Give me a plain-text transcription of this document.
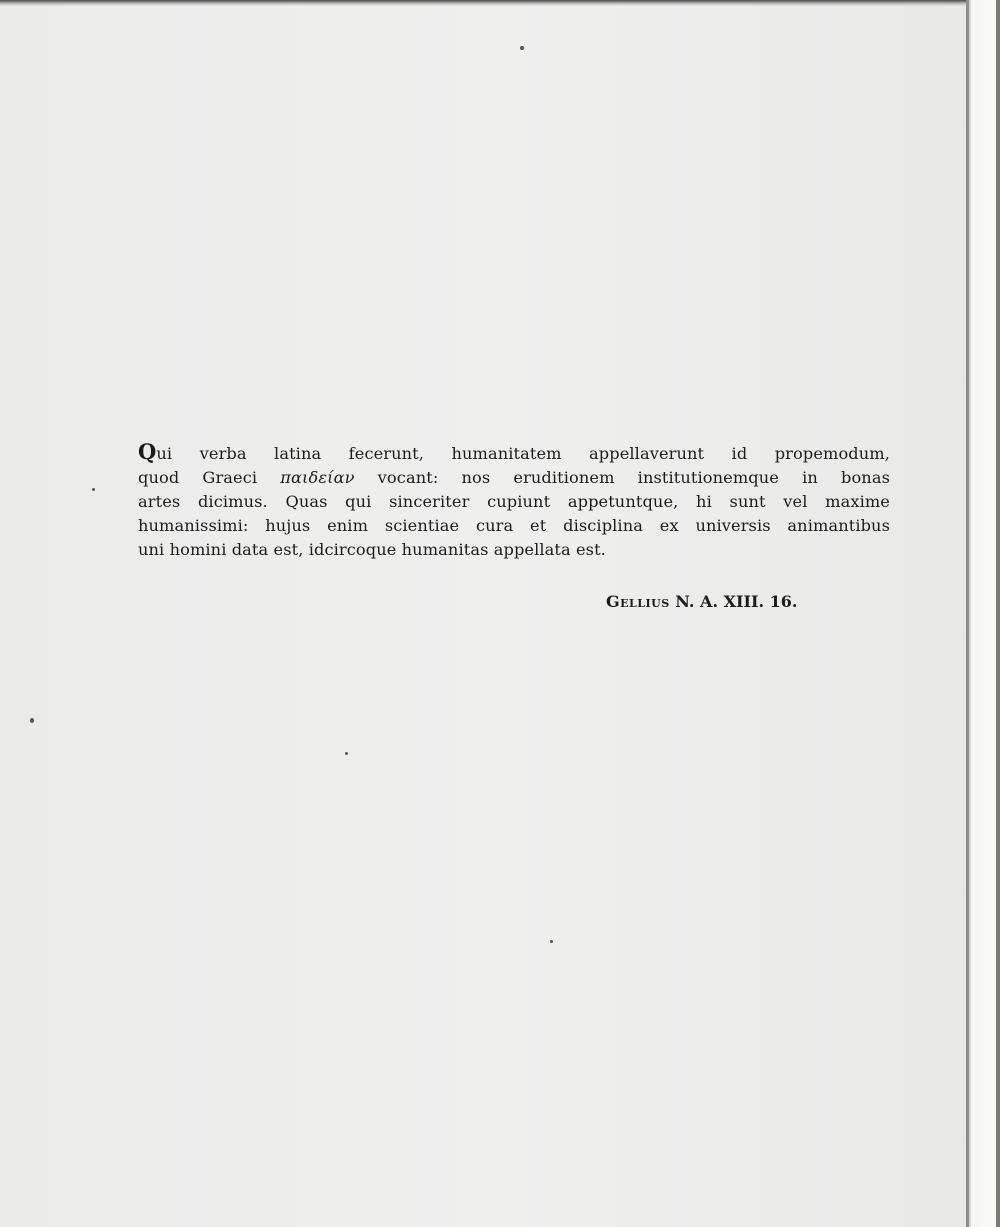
Qui verba latina fecerunt, humanitatem appellaverunt id propemodum,
quod Graeci παιδείαν vocant: nos eruditionem institutionemque in bonas
artes dicimus. Quas qui sinceriter cupiunt appetuntque, hi sunt vel maxime
humanissimi: hujus enim scientiae cura et disciplina ex universis animantibus
uni homini data est, idcircoque humanitas appellata est.
Gellius N. A. XIII. 16.
